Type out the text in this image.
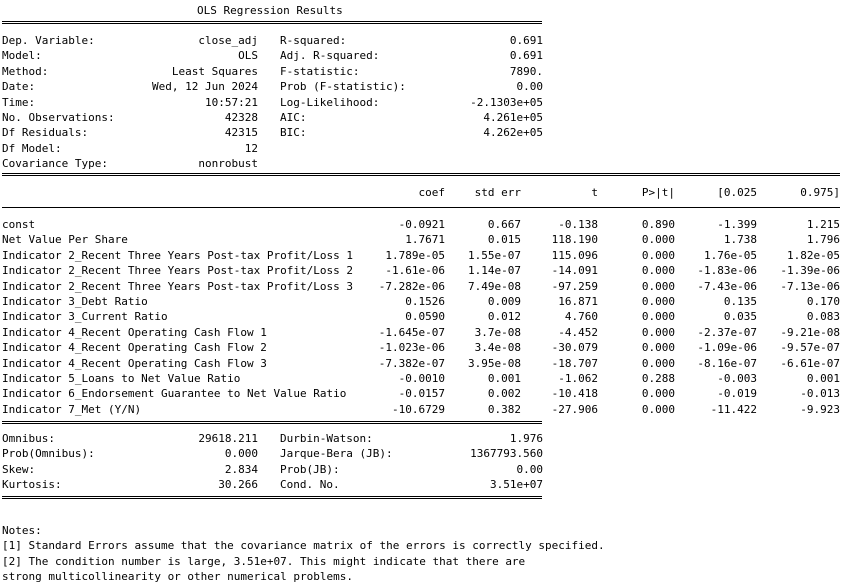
OLS Regression Results
Dep. Variable:	close_adj
Model:	OLS
Method:	Least Squares
Date:	Wed, 12 Jun 2024
Time:	10:57:21
No. Observations:	42328
Df Residuals:	42315
Df Model:	12
Covariance Type:	nonrobust
R-squared:	0.691
Adj. R-squared:	0.691
F-statistic:	7890.
Prob (F-statistic):	0.00
Log-Likelihood:	-2.1303e+05
AIC:	4.261e+05
BIC:	4.262e+05
coef	std err	t	P>|t|	[0.025	0.975]
const	-0.0921	0.667	-0.138	0.890	-1.399	1.215
Net Value Per Share	1.7671	0.015	118.190	0.000	1.738	1.796
Indicator 2_Recent Three Years Post-tax Profit/Loss 1	1.789e-05 1.55e-07	115.096	0.000	1.76e-05	1.82e-05
Indicator 2_Recent Three Years Post-tax Profit/Loss 2	-1.61e-06 1.14e-07	-14.091	0.000 -1.83e-06 -1.39e-06
Indicator 2_Recent Three Years Post-tax Profit/Loss 3 -7.282e-06 7.49e-08	-97.259	0.000 -7.43e-06 -7.13e-06
Indicator 3_Debt Ratio	0.1526	0.009	16.871	0.000	0.135	0.170
Indicator 3_Current Ratio	0.0590	0.012	4.760	0.000	0.035	0.083
Indicator 4_Recent Operating Cash Flow 1	-1.645e-07	3.7e-08	-4.452	0.000 -2.37e-07 -9.21e-08
Indicator 4_Recent Operating Cash Flow 2	-1.023e-06	3.4e-08	-30.079	0.000 -1.09e-06 -9.57e-07
Indicator 4_Recent Operating Cash Flow 3	-7.382e-07 3.95e-08	-18.707	0.000 -8.16e-07 -6.61e-07
Indicator 5_Loans to Net Value Ratio	-0.0010	0.001	-1.062	0.288	-0.003	0.001
Indicator 6_Endorsement Guarantee to Net Value Ratio	-0.0157	0.002	-10.418	0.000	-0.019	-0.013
Indicator 7_Met (Y/N)	-10.6729	0.382	-27.906	0.000	-11.422	-9.923
Omnibus:	29618.211
Prob(Omnibus):	0.000
Skew:	2.834
Kurtosis:	30.266
Durbin-Watson:	1.976
Jarque-Bera (JB):	1367793.560
Prob(JB):	0.00
Cond. No.	3.51e+07
Notes:
[1] Standard Errors assume that the covariance matrix of the errors is correctly specified.
[2] The condition number is large, 3.51e+07. This might indicate that there are
strong multicollinearity or other numerical problems.
